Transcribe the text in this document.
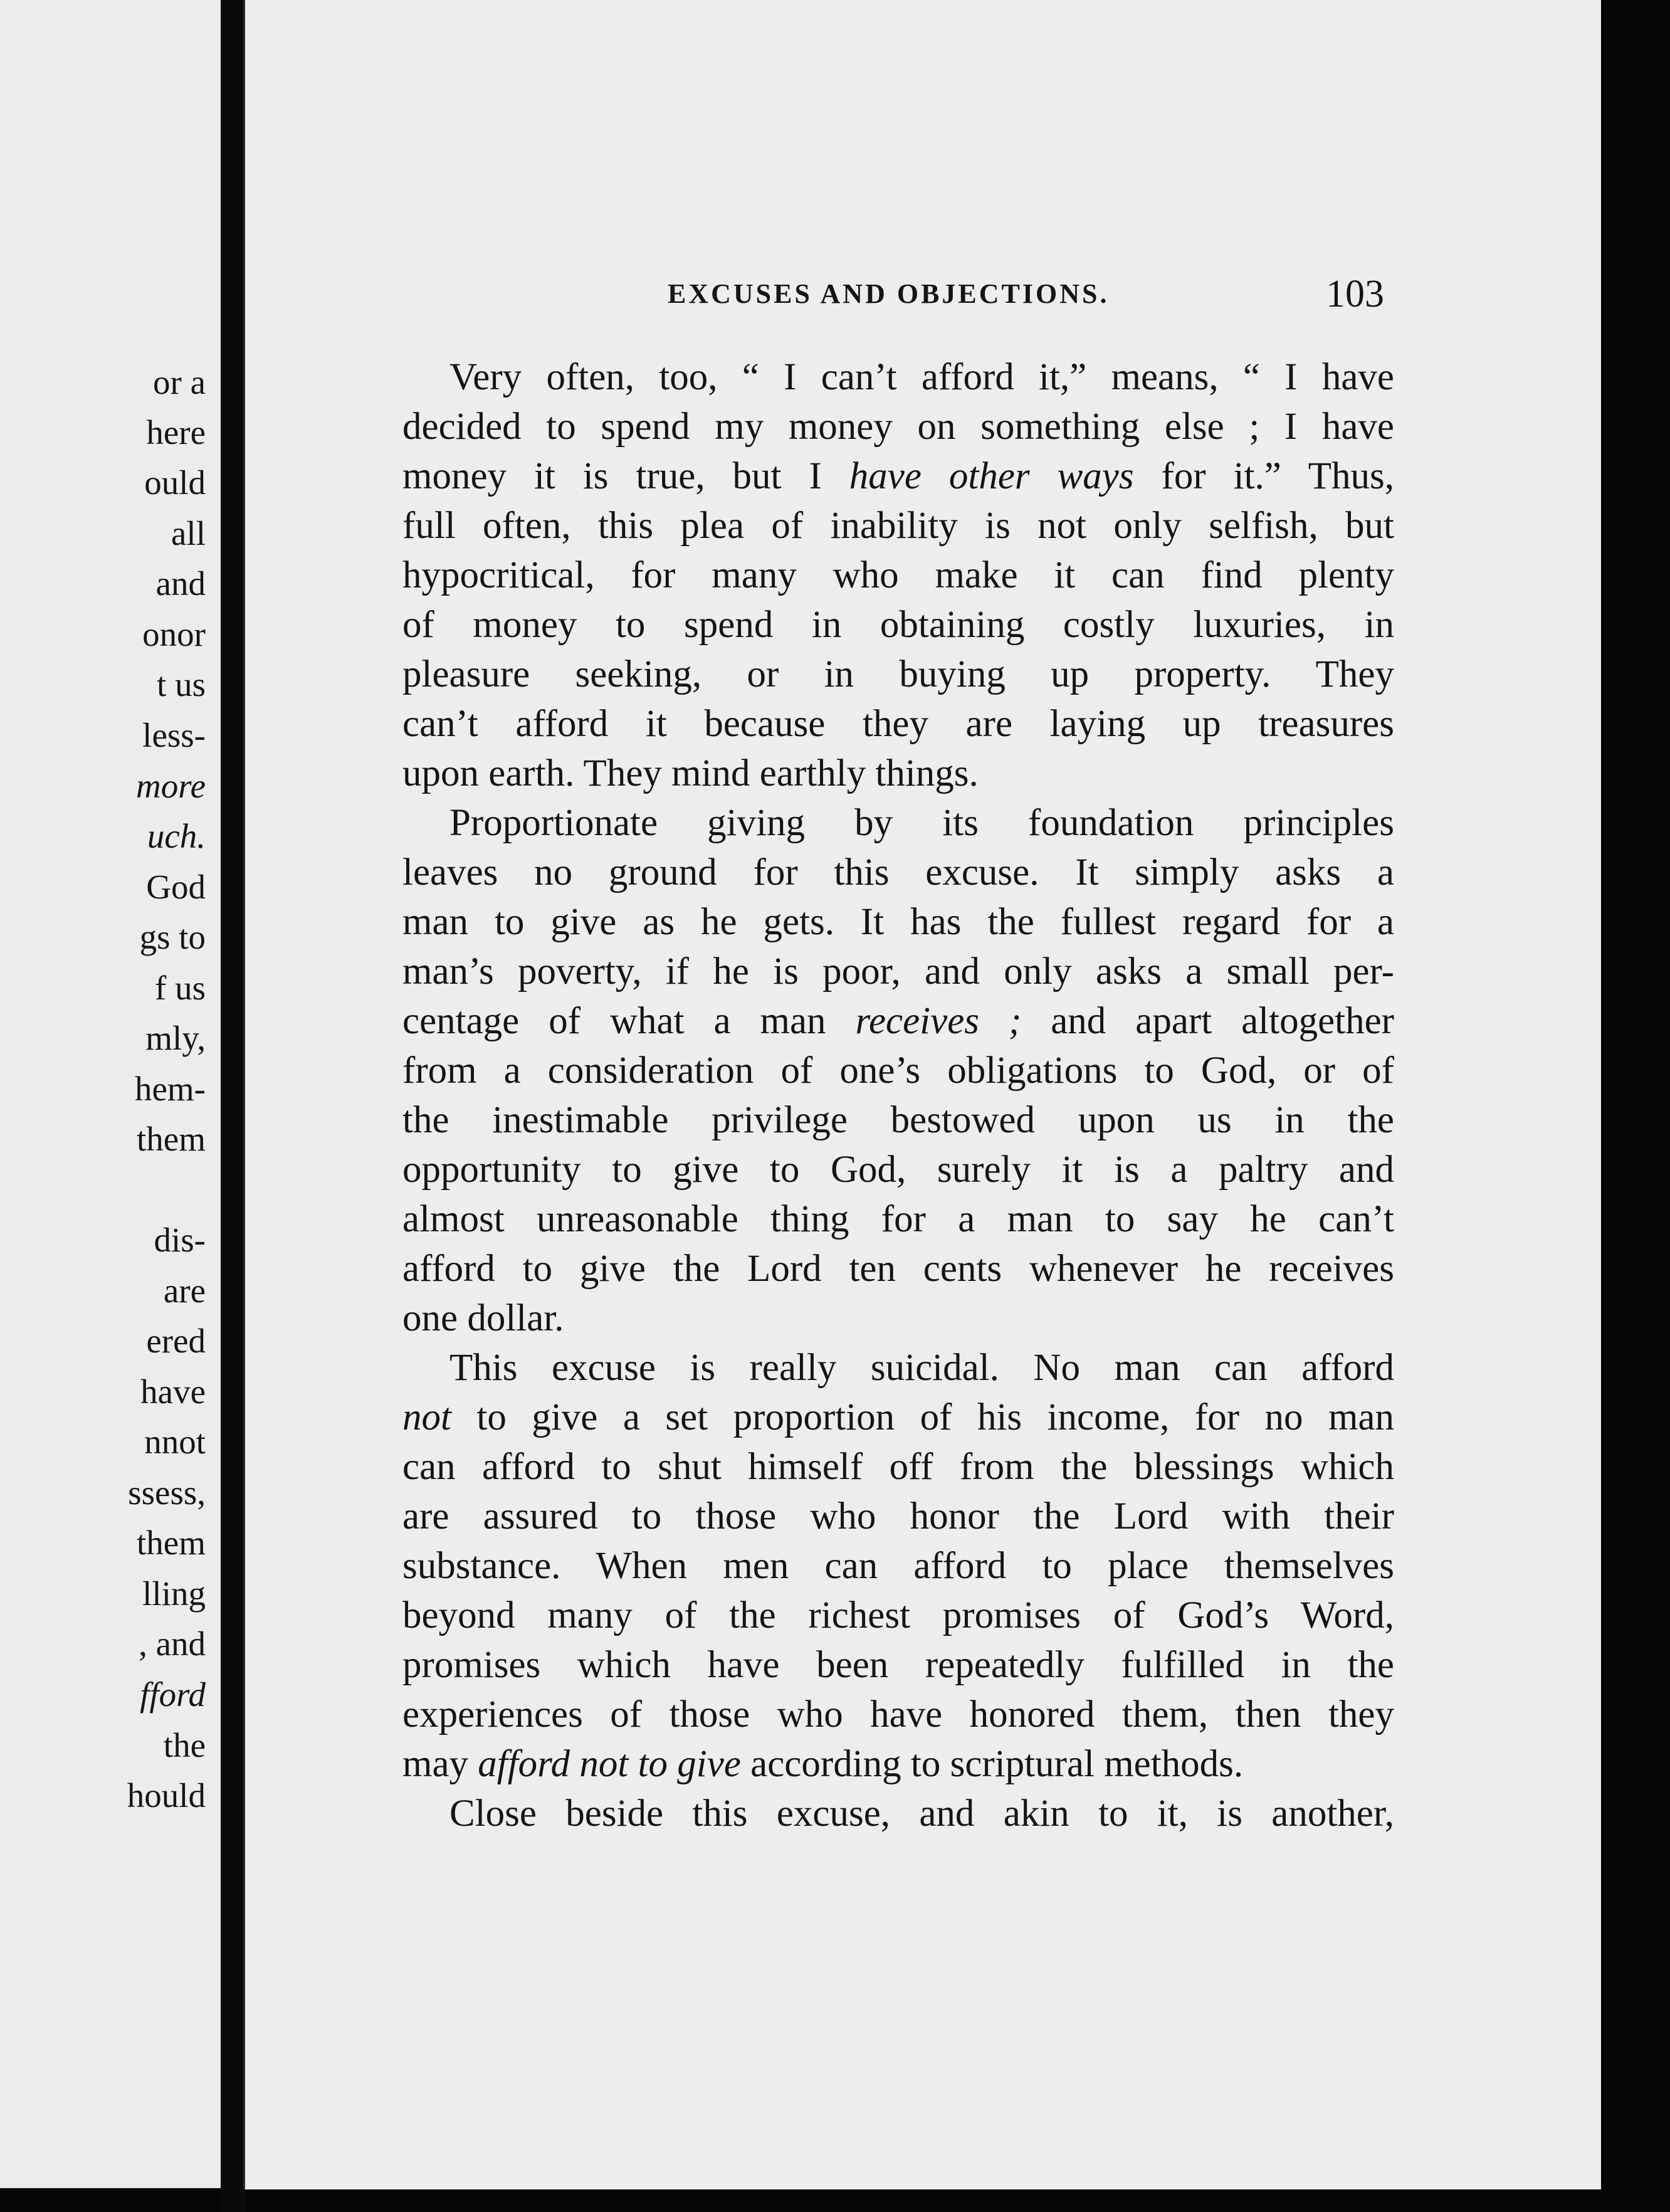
or a

here

ould

all

and

onor

t us

less-

more

uch.

God

gs to

f us

mly,

hem-

them

dis-

are

ered

have

nnot

ssess,

them

lling

, and

fford

the

hould

EXCUSES AND OBJECTIONS.	103

Very often, too, “ I can’t afford it,” means, “ I have
decided to spend my money on something else ; I have
money it is true, but I have other ways for it.” Thus,
full often, this plea of inability is not only selfish, but
hypocritical, for many who make it can find plenty
of money to spend in obtaining costly luxuries, in
pleasure seeking, or in buying up property. They
can’t afford it because they are laying up treasures
upon earth. They mind earthly things.

Proportionate giving by its foundation principles
leaves no ground for this excuse. It simply asks a
man to give as he gets. It has the fullest regard for a
man’s poverty, if he is poor, and only asks a small per-
centage of what a man receives ; and apart altogether
from a consideration of one’s obligations to God, or of
the inestimable privilege bestowed upon us in the
opportunity to give to God, surely it is a paltry and
almost unreasonable thing for a man to say he can’t
afford to give the Lord ten cents whenever he receives
one dollar.

This excuse is really suicidal. No man can afford
not to give a set proportion of his income, for no man
can afford to shut himself off from the blessings which
are assured to those who honor the Lord with their
substance. When men can afford to place themselves
beyond many of the richest promises of God’s Word,
promises which have been repeatedly fulfilled in the
experiences of those who have honored them, then they
may afford not to give according to scriptural methods.

Close beside this excuse, and akin to it, is another,
